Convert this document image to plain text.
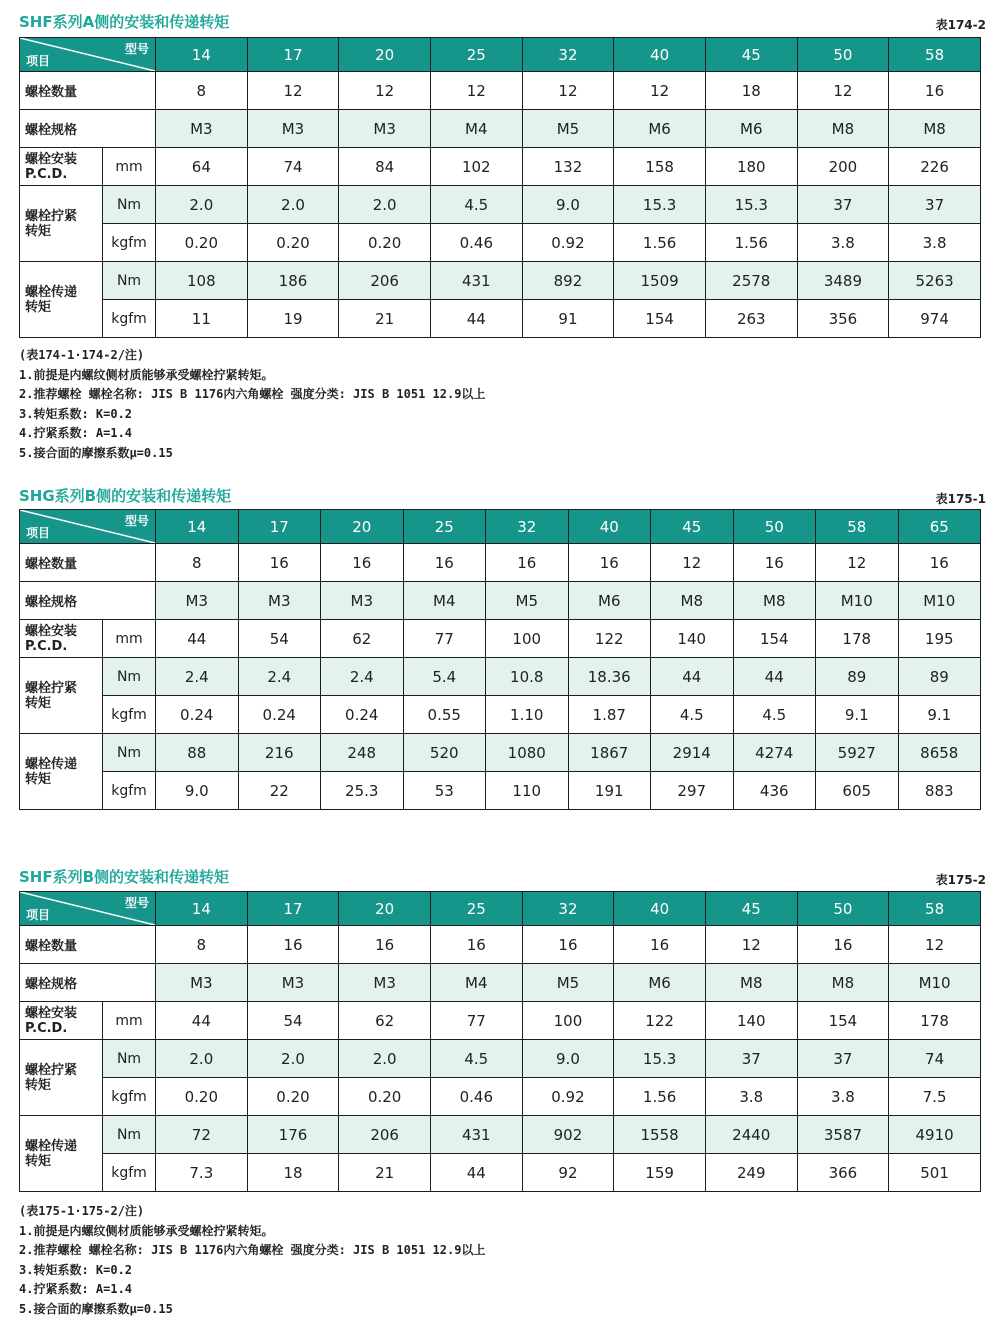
SHF系列A侧的安装和传递转矩	表174-2
型号
项目		14	17	20	25	32	40	45	50	58
螺栓数量		8	12	12	12	12	12	18	12	16
螺栓规格		M3	M3	M3	M4	M5	M6	M6	M8	M8

螺栓安装
P.C.D.	mm	64	74	84	102	132	158	180	200	226

螺栓拧紧
转矩	Nm	2.0	2.0	2.0	4.5	9.0	15.3	15.3	37	37
	kgfm	0.20	0.20	0.20	0.46	0.92	1.56	1.56	3.8	3.8

螺栓传递
转矩	Nm	108	186	206	431	892	1509	2578	3489	5263
	kgfm	11	19	21	44	91	154	263	356	974
(表174-1·174-2/注)
1.前提是内螺纹侧材质能够承受螺栓拧紧转矩。
2.推荐螺栓 螺栓名称: JIS B 1176内六角螺栓 强度分类: JIS B 1051 12.9以上
3.转矩系数: K=0.2
4.拧紧系数: A=1.4
5.接合面的摩擦系数μ=0.15
SHG系列B侧的安装和传递转矩	表175-1
型号
项目		14	17	20	25	32	40	45	50	58	65
螺栓数量		8	16	16	16	16	16	12	16	12	16
螺栓规格		M3	M3	M3	M4	M5	M6	M8	M8	M10	M10

螺栓安装
P.C.D.	mm	44	54	62	77	100	122	140	154	178	195

螺栓拧紧
转矩	Nm	2.4	2.4	2.4	5.4	10.8	18.36	44	44	89	89
	kgfm	0.24	0.24	0.24	0.55	1.10	1.87	4.5	4.5	9.1	9.1

螺栓传递
转矩	Nm	88	216	248	520	1080	1867	2914	4274	5927	8658
	kgfm	9.0	22	25.3	53	110	191	297	436	605	883
SHF系列B侧的安装和传递转矩	表175-2
型号
项目		14	17	20	25	32	40	45	50	58
螺栓数量		8	16	16	16	16	16	12	16	12
螺栓规格		M3	M3	M3	M4	M5	M6	M8	M8	M10

螺栓安装
P.C.D.	mm	44	54	62	77	100	122	140	154	178

螺栓拧紧
转矩	Nm	2.0	2.0	2.0	4.5	9.0	15.3	37	37	74
	kgfm	0.20	0.20	0.20	0.46	0.92	1.56	3.8	3.8	7.5

螺栓传递
转矩	Nm	72	176	206	431	902	1558	2440	3587	4910
	kgfm	7.3	18	21	44	92	159	249	366	501
(表175-1·175-2/注)
1.前提是内螺纹侧材质能够承受螺栓拧紧转矩。
2.推荐螺栓 螺栓名称: JIS B 1176内六角螺栓 强度分类: JIS B 1051 12.9以上
3.转矩系数: K=0.2
4.拧紧系数: A=1.4
5.接合面的摩擦系数μ=0.15
